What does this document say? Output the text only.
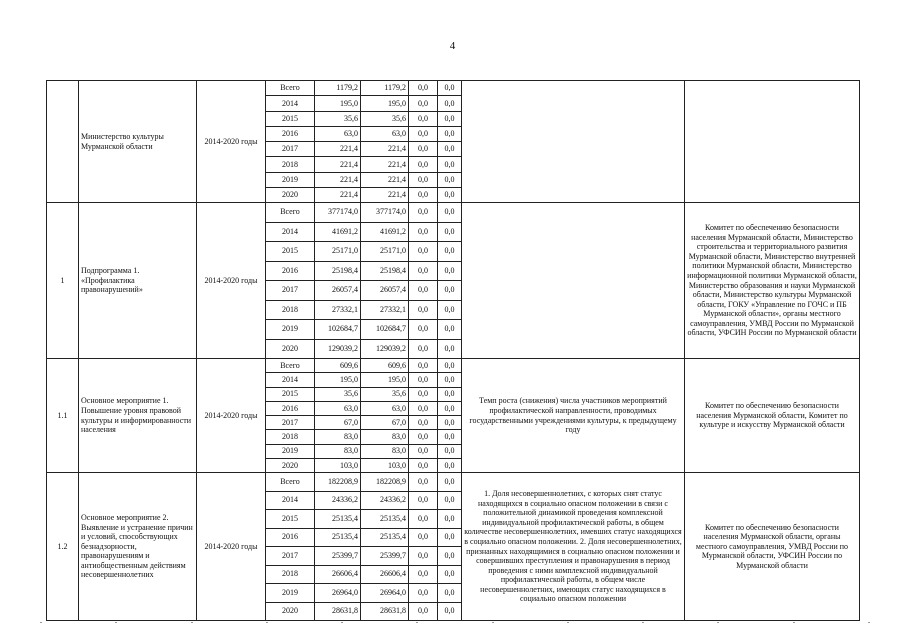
4

	Министерство культуры Мурманской области	2014-2020 годы	Всего	1179,2	1179,2	0,0	0,0	

			2014	195,0	195,0	0,0	0,0		
			2015	35,6	35,6	0,0	0,0		
			2016	63,0	63,0	0,0	0,0		
			2017	221,4	221,4	0,0	0,0		
			2018	221,4	221,4	0,0	0,0		
			2019	221,4	221,4	0,0	0,0		
			2020	221,4	221,4	0,0	0,0		
1	Подпрограмма 1. «Профилактика правонарушений»	2014-2020 годы	Всего	377174,0	377174,0	0,0	0,0		Комитет по обеспечению безопасности населения Мурманской области, Министерство строительства и территориального развития Мурманской области, Министерство внутренней политики Мурманской области, Министерство информационной политики Мурманской области, Министерство образования и науки Мурманской области, Министерство культуры Мурманской области, ГОКУ «Управление по ГОЧС и ПБ Мурманской области», органы местного самоуправления, УМВД России по Мурманской области, УФСИН России по Мурманской области

			2014	41691,2	41691,2	0,0	0,0		
			2015	25171,0	25171,0	0,0	0,0		
			2016	25198,4	25198,4	0,0	0,0		
			2017	26057,4	26057,4	0,0	0,0		
			2018	27332,1	27332,1	0,0	0,0		
			2019	102684,7	102684,7	0,0	0,0		
			2020	129039,2	129039,2	0,0	0,0		
1.1	Основное мероприятие 1. Повышение уровня правовой культуры и информированности населения	2014-2020 годы	Всего	609,6	609,6	0,0	0,0	Темп роста (снижения) числа участников мероприятий профилактической направленности, проводимых государственными учреждениями культуры, к предыдущему году	Комитет по обеспечению безопасности населения Мурманской области, Комитет по культуре и искусству Мурманской области

			2014	195,0	195,0	0,0	0,0		
			2015	35,6	35,6	0,0	0,0		
			2016	63,0	63,0	0,0	0,0		
			2017	67,0	67,0	0,0	0,0		
			2018	83,0	83,0	0,0	0,0		
			2019	83,0	83,0	0,0	0,0		
			2020	103,0	103,0	0,0	0,0		
1.2	Основное мероприятие 2. Выявление и устранение причин и условий, способствующих безнадзорности, правонарушениям и антиобщественным действиям несовершеннолетних	2014-2020 годы	Всего	182208,9	182208,9	0,0	0,0	1. Доля несовершеннолетних, с которых снят статус находящихся в социально опасном положении в связи с положительной динамикой проведения комплексной индивидуальной профилактической работы, в общем количестве несовершеннолетних, имевших статус находящихся в социально опасном положении. 2. Доля несовершеннолетних, признанных находящимися в социально опасном положении и совершивших преступления и правонарушения в период проведения с ними комплексной индивидуальной профилактической работы, в общем числе несовершеннолетних, имеющих статус находящихся в социально опасном положении	Комитет по обеспечению безопасности населения Мурманской области, органы местного самоуправления, УМВД России по Мурманской области, УФСИН России по Мурманской области

			2014	24336,2	24336,2	0,0	0,0		
			2015	25135,4	25135,4	0,0	0,0		
			2016	25135,4	25135,4	0,0	0,0		
			2017	25399,7	25399,7	0,0	0,0		
			2018	26606,4	26606,4	0,0	0,0		
			2019	26964,0	26964,0	0,0	0,0		
			2020	28631,8	28631,8	0,0	0,0		
